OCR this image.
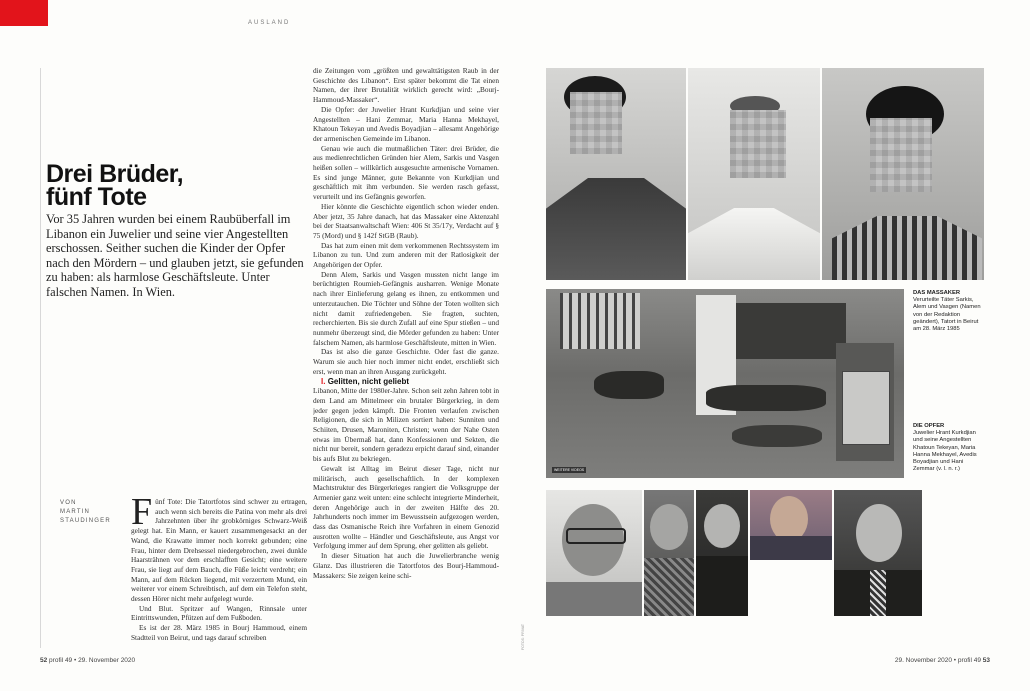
AUSLAND
Drei Brüder,
fünf Tote
Vor 35 Jahren wurden bei einem Raubüberfall im Libanon ein Juwelier und seine vier Angestellten erschossen. Seither suchen die Kinder der Opfer nach den Mördern – und glauben jetzt, sie gefunden zu haben: als harmlose Geschäftsleute. Unter falschen Namen. In Wien.
VON
MARTIN
STAUDINGER Fünf Tote: Die Tatortfotos sind schwer zu ertragen, auch wenn sich bereits die Patina von mehr als drei Jahrzehnten über ihr grobkörniges Schwarz-Weiß gelegt hat. Ein Mann, er kauert zusammengesackt an der Wand, die Krawatte immer noch korrekt gebunden; eine Frau, hinter dem Drehsessel niedergebrochen, zwei dunkle Haarsträhnen vor dem erschlafften Gesicht; eine weitere Frau, sie liegt auf dem Bauch, die Füße leicht verdreht; ein Mann, auf dem Rücken liegend, mit verzerrtem Mund, ein weiterer vor einem Schreibtisch, auf dem ein Telefon steht, dessen Hörer nicht mehr aufgelegt wurde.

Und Blut. Spritzer auf Wangen, Rinnsale unter Eintrittswunden, Pfützen auf dem Fußboden.

Es ist der 28. März 1985 in Bourj Hammoud, einem Stadtteil von Beirut, und tags darauf schreiben

die Zeitungen vom „größten und gewalttätigsten Raub in der Geschichte des Libanon“. Erst später bekommt die Tat einen Namen, der ihrer Brutalität wirklich gerecht wird: „Bourj-Hammoud-Massaker“.

Die Opfer: der Juwelier Hrant Kurkdjian und seine vier Angestellten – Hani Zemmar, Maria Hanna Mekhayel, Khatoun Tekeyan und Avedis Boyadjian – allesamt Angehörige der armenischen Gemeinde im Libanon.

Genau wie auch die mutmaßlichen Täter: drei Brüder, die aus medienrechtlichen Gründen hier Alem, Sarkis und Vasgen heißen sollen – willkürlich ausgesuchte armenische Vornamen. Es sind junge Männer, gute Bekannte von Kurkdjian und geschäftlich mit ihm verbunden. Sie werden rasch gefasst, verurteilt und ins Gefängnis geworfen.

Hier könnte die Geschichte eigentlich schon wieder enden. Aber jetzt, 35 Jahre danach, hat das Massaker eine Aktenzahl bei der Staatsanwaltschaft Wien: 406 St 35/17y, Verdacht auf § 75 (Mord) und § 142f StGB (Raub).

Das hat zum einen mit dem verkommenen Rechtssystem im Libanon zu tun. Und zum anderen mit der Ratlosigkeit der Angehörigen der Opfer.

Denn Alem, Sarkis und Vasgen mussten nicht lange im berüchtigten Roumieh-Gefängnis ausharren. Wenige Monate nach ihrer Einlieferung gelang es ihnen, zu entkommen und unterzutauchen. Die Töchter und Söhne der Toten wollten sich nicht damit zufriedengeben. Sie fragten, suchten, recherchierten. Bis sie durch Zufall auf eine Spur stießen – und nunmehr überzeugt sind, die Mörder gefunden zu haben: Unter falschem Namen, als harmlose Geschäftsleute, mitten in Wien.

Das ist also die ganze Geschichte. Oder fast die ganze. Warum sie auch hier noch immer nicht endet, erschließt sich erst, wenn man an ihren Ausgang zurückgeht.

I. Gelitten, nicht geliebt

Libanon, Mitte der 1980er-Jahre. Schon seit zehn Jahren tobt in dem Land am Mittelmeer ein brutaler Bürgerkrieg, in dem jeder gegen jeden kämpft. Die Fronten verlaufen zwischen Religionen, die sich in Milizen sortiert haben: Sunniten und Schiiten, Drusen, Maroniten, Christen; wenn der Nahe Osten etwas im Übermaß hat, dann Konfessionen und Sekten, die nicht nur bereit, sondern geradezu erpicht darauf sind, einander bis aufs Blut zu bekriegen.

Gewalt ist Alltag im Beirut dieser Tage, nicht nur militärisch, auch gesellschaftlich. In der komplexen Machtstruktur des Bürgerkrieges rangiert die Volksgruppe der Armenier ganz weit unten: eine schlecht integrierte Minderheit, deren Angehörige auch in der zweiten Hälfte des 20. Jahrhunderts noch immer im Bewusstsein aufgezogen werden, dass das Osmanische Reich ihre Vorfahren in einem Genozid ausrotten wollte – Händler und Geschäftsleute, aus Angst vor Verfolgung immer auf dem Sprung, eher gelitten als geliebt.

In dieser Situation hat auch die Juwelierbranche wenig Glanz. Das illustrieren die Tatortfotos des Bourj-Hammoud-Massakers: Sie zeigen keine schi-

WEITERE VIDEOS
DAS MASSAKER
Verurteilte Täter Sarkis, Alem und Vasgen (Namen von der Redaktion geändert), Tatort in Beirut am 28. März 1985
DIE OPFER
Juwelier Hrant Kurkdjian und seine Angestellten Khatoun Tekeyan, Maria Hanna Mekhayel, Avedis Boyadjian und Hani Zemmar (v. l. n. r.)
FOTOS: PRIVAT
52 profil 49 • 29. November 2020	29. November 2020 • profil 49 53
